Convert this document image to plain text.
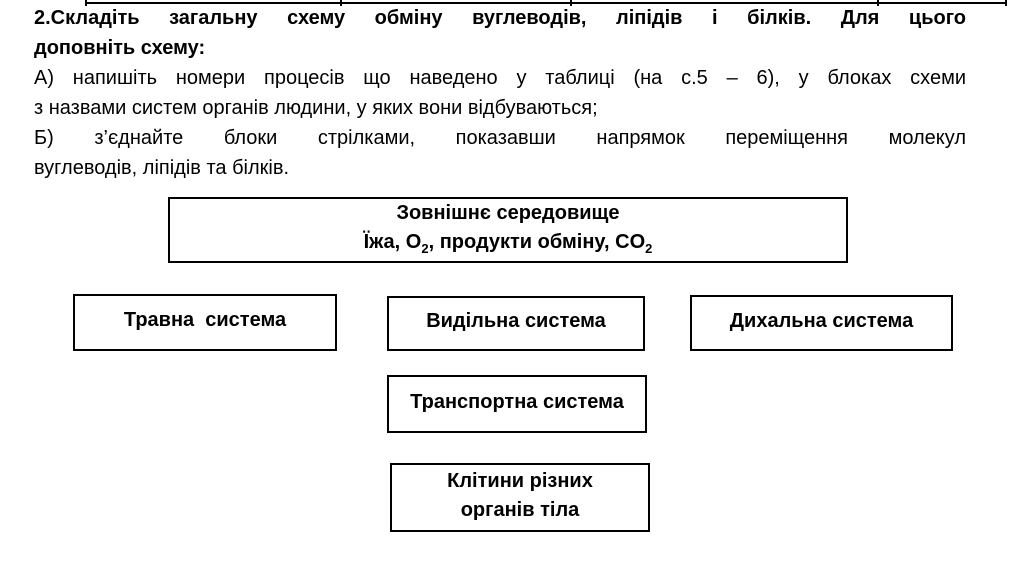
2.Складіть загальну схему обміну вуглеводів, ліпідів і білків. Для цього
доповніть схему:
А) напишіть номери процесів що наведено у таблиці (на с.5 – 6), у блоках схеми
з назвами систем органів людини, у яких вони відбуваються;
Б) з’єднайте блоки стрілками, показавши напрямок переміщення молекул
вуглеводів, ліпідів та білків.
Зовнішнє середовище
Їжа, $O_2$, продукти обміну, $CO_2$
Травна  система	Видільна система	Дихальна система
Транспортна система
Клітини різних
органів тіла
